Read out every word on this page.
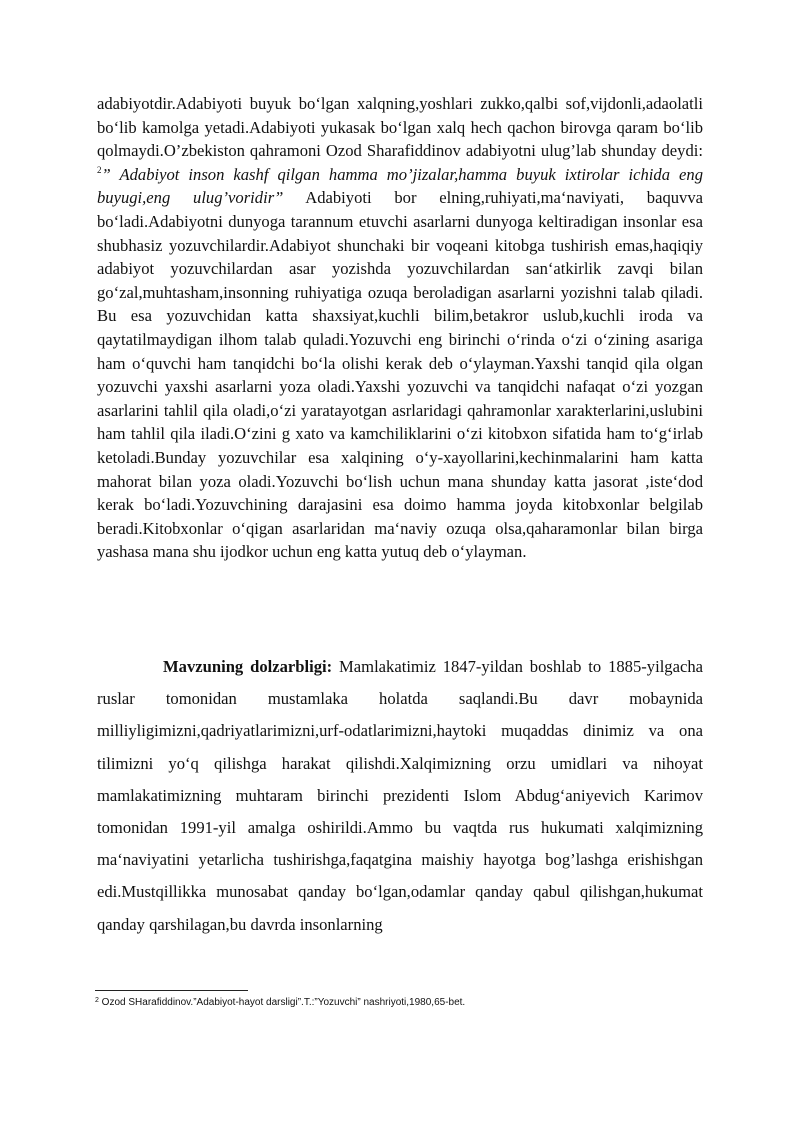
adabiyotdir.Adabiyoti buyuk bo‘lgan xalqning,yoshlari zukko,qalbi sof,vijdonli,adaolatli bo‘lib kamolga yetadi.Adabiyoti yukasak bo‘lgan xalq hech qachon birovga qaram bo‘lib qolmaydi.O’zbekiston qahramoni Ozod Sharafiddinov adabiyotni ulug’lab shunday deydi: $^2$” Adabiyot inson kashf qilgan hamma mo’jizalar,hamma buyuk ixtirolar ichida eng buyugi,eng ulug’voridir” Adabiyoti bor elning,ruhiyati,ma‘naviyati, baquvva bo‘ladi.Adabiyotni dunyoga tarannum etuvchi asarlarni dunyoga keltiradigan insonlar esa shubhasiz yozuvchilardir.Adabiyot shunchaki bir voqeani kitobga tushirish emas,haqiqiy adabiyot yozuvchilardan asar yozishda yozuvchilardan san‘atkirlik zavqi bilan go‘zal,muhtasham,insonning ruhiyatiga ozuqa beroladigan asarlarni yozishni talab qiladi. Bu esa yozuvchidan katta shaxsiyat,kuchli bilim,betakror uslub,kuchli iroda va qaytatilmaydigan ilhom talab quladi.Yozuvchi eng birinchi o‘rinda o‘zi o‘zining asariga ham o‘quvchi ham tanqidchi bo‘la olishi kerak deb o‘ylayman.Yaxshi tanqid qila olgan yozuvchi yaxshi asarlarni yoza oladi.Yaxshi yozuvchi va tanqidchi nafaqat o‘zi yozgan asarlarini tahlil qila oladi,o‘zi yaratayotgan asrlaridagi qahramonlar xarakterlarini,uslubini ham tahlil qila iladi.O‘zini g xato va kamchiliklarini o‘zi kitobxon sifatida ham to‘g‘irlab ketoladi.Bunday yozuvchilar esa xalqining o‘y-xayollarini,kechinmalarini ham katta mahorat bilan yoza oladi.Yozuvchi bo‘lish uchun mana shunday katta jasorat ,iste‘dod kerak bo‘ladi.Yozuvchining darajasini esa doimo hamma joyda kitobxonlar belgilab beradi.Kitobxonlar o‘qigan asarlaridan ma‘naviy ozuqa olsa,qaharamonlar bilan birga yashasa mana shu ijodkor uchun eng katta yutuq deb o‘ylayman.

Mavzuning dolzarbligi: Mamlakatimiz 1847-yildan boshlab to 1885-yilgacha ruslar tomonidan mustamlaka holatda saqlandi.Bu davr mobaynida milliyligimizni,qadriyatlarimizni,urf-odatlarimizni,haytoki muqaddas dinimiz va ona tilimizni yo‘q qilishga harakat qilishdi.Xalqimizning orzu umidlari va nihoyat mamlakatimizning muhtaram birinchi prezidenti Islom Abdug‘aniyevich Karimov tomonidan 1991-yil amalga oshirildi.Ammo bu vaqtda rus hukumati xalqimizning ma‘naviyatini yetarlicha tushirishga,faqatgina maishiy hayotga bog’lashga erishishgan edi.Mustqillikka munosabat qanday bo‘lgan,odamlar qanday qabul qilishgan,hukumat qanday qarshilagan,bu davrda insonlarning

$^2$ Ozod SHarafiddinov.”Adabiyot-hayot darsligi”.T.:”Yozuvchi” nashriyoti,1980,65-bet.
